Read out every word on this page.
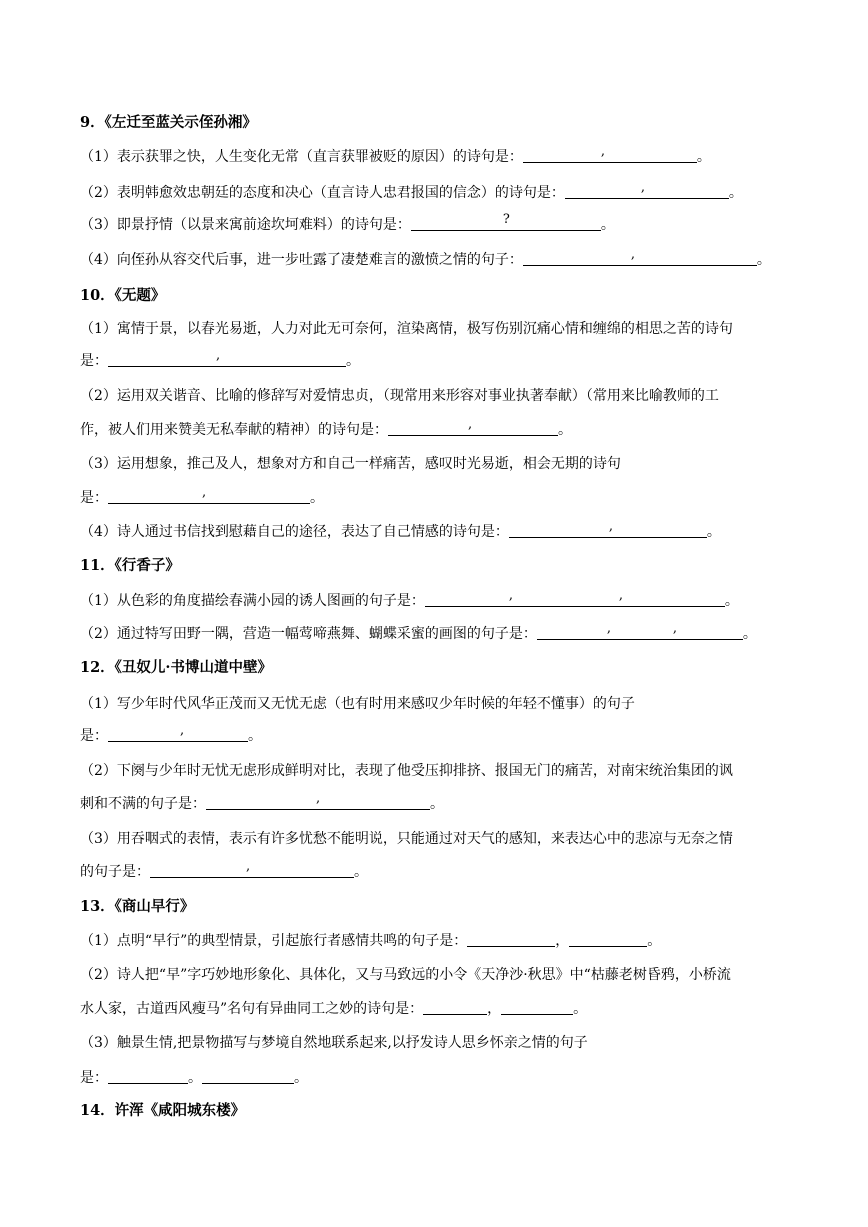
9．《左迁至蓝关示侄孙湘》
（1）表示获罪之快，人生变化无常（直言获罪被贬的原因）的诗句是：	,	。
（2）表明韩愈效忠朝廷的态度和决心（直言诗人忠君报国的信念）的诗句是：	,	。
（3）即景抒情（以景来寓前途坎坷难料）的诗句是：	?	。
（4）向侄孙从容交代后事，进一步吐露了凄楚难言的激愤之情的句子：	,	。
10．《无题》
（1）寓情于景，以春光易逝，人力对此无可奈何，渲染离情，极写伤别沉痛心情和缠绵的相思之苦的诗句
是：	,	。
（2）运用双关谐音、比喻的修辞写对爱情忠贞，（现常用来形容对事业执著奉献）（常用来比喻教师的工
作，被人们用来赞美无私奉献的精神）的诗句是：	,	。
（3）运用想象，推己及人，想象对方和自己一样痛苦，感叹时光易逝，相会无期的诗句
是：	,	。
（4）诗人通过书信找到慰藉自己的途径，表达了自己情感的诗句是：	,	。
11．《行香子》
（1）从色彩的角度描绘春满小园的诱人图画的句子是：	,	,	。
（2）通过特写田野一隅，营造一幅莺啼燕舞、蝴蝶采蜜的画图的句子是：	,	,	。
12．《丑奴儿·书博山道中壁》
（1）写少年时代风华正茂而又无忧无虑（也有时用来感叹少年时候的年轻不懂事）的句子
是：	,	。
（2）下阕与少年时无忧无虑形成鲜明对比，表现了他受压抑排挤、报国无门的痛苦，对南宋统治集团的讽
刺和不满的句子是：	,	。
（3）用吞咽式的表情，表示有许多忧愁不能明说，只能通过对天气的感知，来表达心中的悲凉与无奈之情
的句子是：	,	。
13．《商山早行》
（1）点明“早行”的典型情景，引起旅行者感情共鸣的句子是：	，	。
（2）诗人把“早”字巧妙地形象化、具体化，又与马致远的小令《天净沙·秋思》中“枯藤老树昏鸦，小桥流
水人家，古道西风瘦马”名句有异曲同工之妙的诗句是：	，	。
（3）触景生情,把景物描写与梦境自然地联系起来,以抒发诗人思乡怀亲之情的句子
是：	。	。
14．许浑《咸阳城东楼》
